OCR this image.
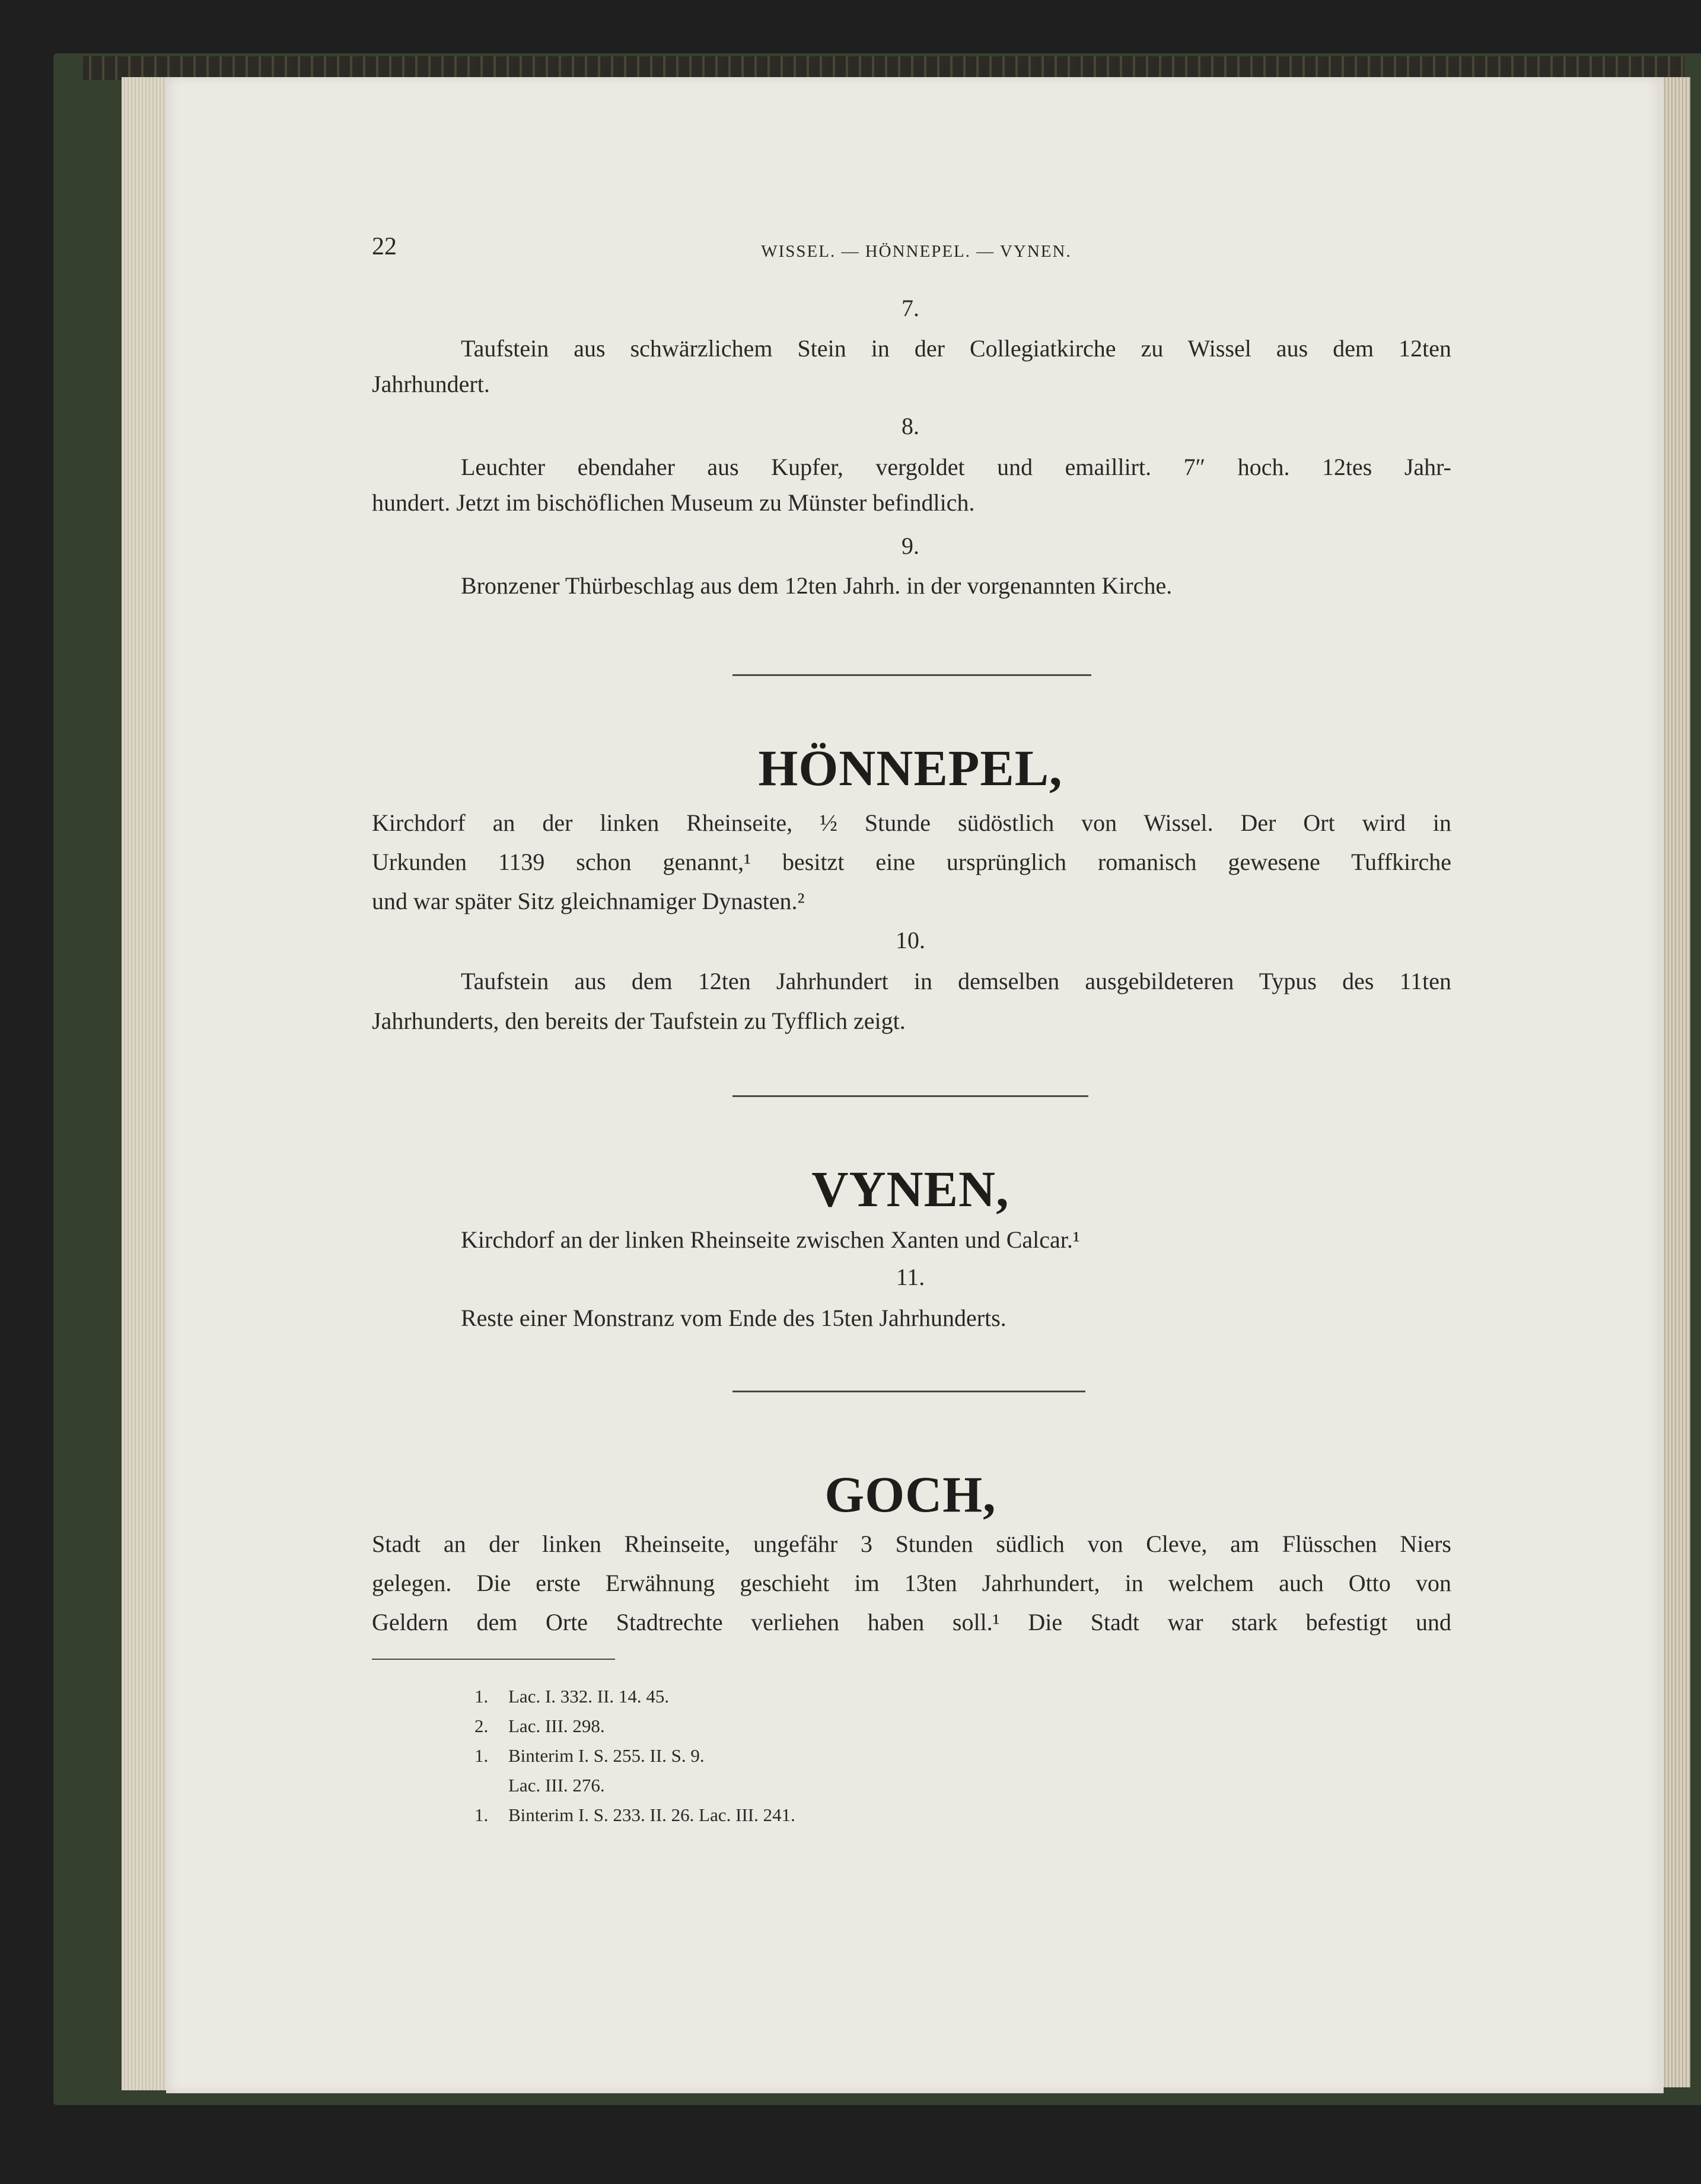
22	WISSEL. — HÖNNEPEL. — VYNEN.
7.
Taufstein aus schwärzlichem Stein in der Collegiatkirche zu Wissel aus dem 12ten
Jahrhundert.
8.
Leuchter ebendaher aus Kupfer, vergoldet und emaillirt. 7″ hoch. 12tes Jahr-
hundert. Jetzt im bischöflichen Museum zu Münster befindlich.
9.
Bronzener Thürbeschlag aus dem 12ten Jahrh. in der vorgenannten Kirche.
HÖNNEPEL,
Kirchdorf an der linken Rheinseite, ½ Stunde südöstlich von Wissel. Der Ort wird in
Urkunden 1139 schon genannt,¹ besitzt eine ursprünglich romanisch gewesene Tuffkirche
und war später Sitz gleichnamiger Dynasten.²
10.
Taufstein aus dem 12ten Jahrhundert in demselben ausgebildeteren Typus des 11ten
Jahrhunderts, den bereits der Taufstein zu Tyfflich zeigt.
VYNEN,
Kirchdorf an der linken Rheinseite zwischen Xanten und Calcar.¹
11.
Reste einer Monstranz vom Ende des 15ten Jahrhunderts.
GOCH,
Stadt an der linken Rheinseite, ungefähr 3 Stunden südlich von Cleve, am Flüsschen Niers
gelegen. Die erste Erwähnung geschieht im 13ten Jahrhundert, in welchem auch Otto von
Geldern dem Orte Stadtrechte verliehen haben soll.¹ Die Stadt war stark befestigt und
1. Lac. I. 332. II. 14. 45.
2. Lac. III. 298.
1. Binterim I. S. 255. II. S. 9.
Lac. III. 276.
1. Binterim I. S. 233. II. 26. Lac. III. 241.
